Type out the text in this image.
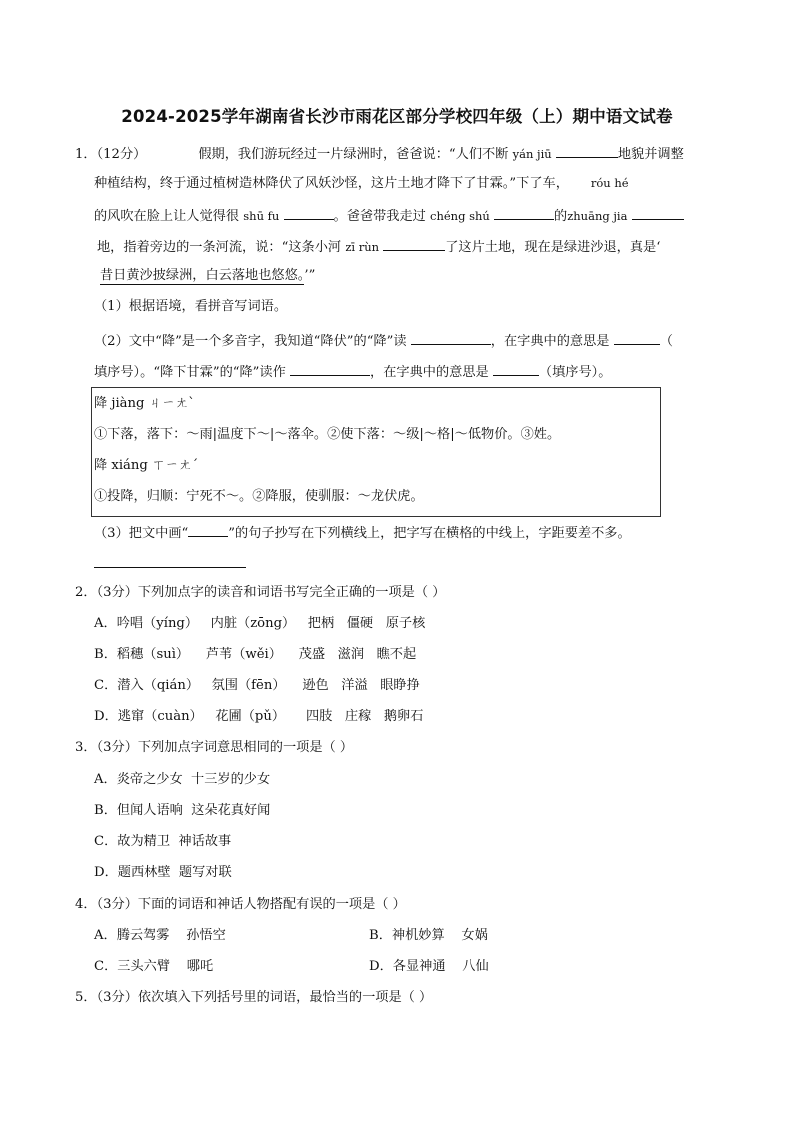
2024-2025学年湖南省长沙市雨花区部分学校四年级（上）期中语文试卷
1．（12分）	假期，我们游玩经过一片绿洲时，爸爸说：“人们不断 yán jiū	地貌并调整
种植结构，终于通过植树造林降伏了风妖沙怪，这片土地才降下了甘霖。”下了车， róu hé
的风吹在脸上让人觉得很 shū fu	。爸爸带我走过 chéng shú	的zhuāng jia
地，指着旁边的一条河流，说：“这条小河 zī rùn	了这片土地，现在是绿进沙退，真是‘
昔日黄沙披绿洲，白云落地也悠悠。’”
（1）根据语境，看拼音写词语。
（2）文中“降”是一个多音字，我知道“降伏”的“降”读	，在字典中的意思是	（
填序号）。“降下甘霖”的“降”读作	，在字典中的意思是	（填序号）。
降 jiàng ㄐㄧㄤˋ
①下落，落下：～雨|温度下～|～落伞。②使下落：～级|～格|～低物价。③姓。
降 xiáng ㄒㄧㄤˊ
①投降，归顺：宁死不～。②降服，使驯服：～龙伏虎。
（3）把文中画“	”的句子抄写在下列横线上，把字写在横格的中线上，字距要差不多。
2．（3分）下列加点字的读音和词语书写完全正确的一项是（ ）
A．吟唱（yíng）   内脏（zōng）   把柄   僵硬   原子核
B．稻穗（suì）    芦苇（wěi）    茂盛   滋润   瞧不起
C．潜入（qián）   氛围（fēn）    逊色   洋溢   眼睁挣
D．逃窜（cuàn）   花圃（pǔ）     四肢   庄稼   鹅卵石
3．（3分）下列加点字词意思相同的一项是（ ）
A．炎帝之少女  十三岁的少女
B．但闻人语响  这朵花真好闻
C．故为精卫  神话故事
D．题西林壁  题写对联
4．（3分）下面的词语和神话人物搭配有误的一项是（ ）
A．腾云驾雾    孙悟空	B．神机妙算    女娲
C．三头六臂    哪吒	D．各显神通    八仙
5．（3分）依次填入下列括号里的词语，最恰当的一项是（ ）
